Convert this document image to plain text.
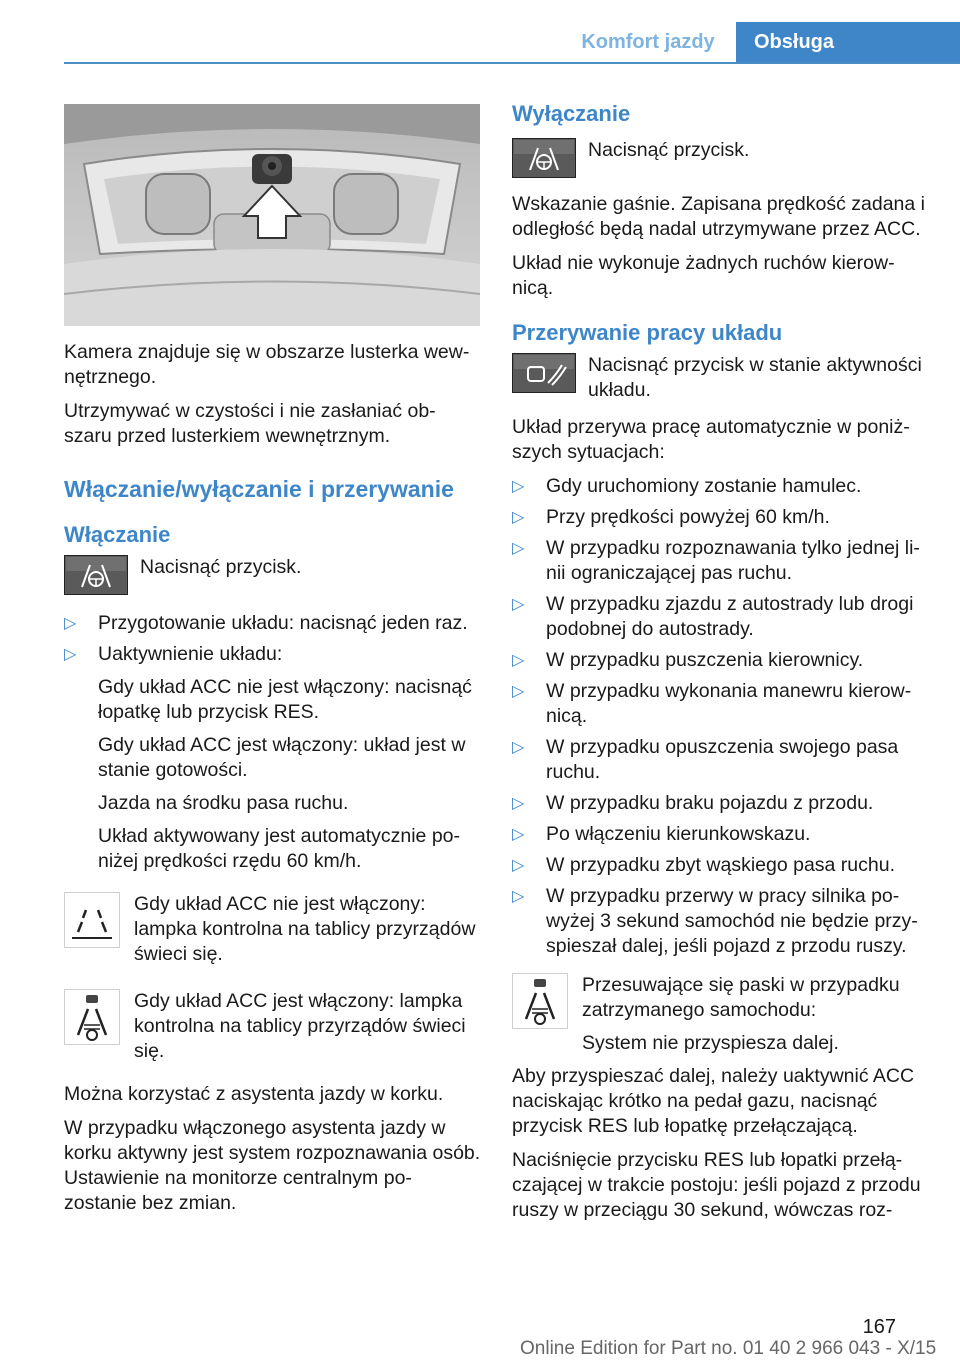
Komfort jazdy	Obsługa

Kamera znajduje się w obszarze lusterka wew-nętrznego.

Utrzymywać w czystości i nie zasłaniać ob-szaru przed lusterkiem wewnętrznym.

Włączanie/wyłączanie i przerywanie
Włączanie
Nacisnąć przycisk.
▷ Przygotowanie układu: nacisnąć jeden raz.
▷ Uaktywnienie układu:
Gdy układ ACC nie jest włączony: nacisnąć łopatkę lub przycisk RES.
Gdy układ ACC jest włączony: układ jest w stanie gotowości.
Jazda na środku pasa ruchu.
Układ aktywowany jest automatycznie po-niżej prędkości rzędu 60 km/h.
Gdy układ ACC nie jest włączony: lampka kontrolna na tablicy przyrządów świeci się.
Gdy układ ACC jest włączony: lampka kontrolna na tablicy przyrządów świeci się.

Można korzystać z asystenta jazdy w korku.

W przypadku włączonego asystenta jazdy w korku aktywny jest system rozpoznawania osób. Ustawienie na monitorze centralnym po-zostanie bez zmian.

Wyłączanie
Nacisnąć przycisk.

Wskazanie gaśnie. Zapisana prędkość zadana i odległość będą nadal utrzymywane przez ACC.

Układ nie wykonuje żadnych ruchów kierow-nicą.

Przerywanie pracy układu
Nacisnąć przycisk w stanie aktywności układu.

Układ przerywa pracę automatycznie w poniż-szych sytuacjach:

▷ Gdy uruchomiony zostanie hamulec.
▷ Przy prędkości powyżej 60 km/h.
▷ W przypadku rozpoznawania tylko jednej li-nii ograniczającej pas ruchu.
▷ W przypadku zjazdu z autostrady lub drogi podobnej do autostrady.
▷ W przypadku puszczenia kierownicy.
▷ W przypadku wykonania manewru kierow-nicą.
▷ W przypadku opuszczenia swojego pasa ruchu.
▷ W przypadku braku pojazdu z przodu.
▷ Po włączeniu kierunkowskazu.
▷ W przypadku zbyt wąskiego pasa ruchu.
▷ W przypadku przerwy w pracy silnika po-wyżej 3 sekund samochód nie będzie przy-spieszał dalej, jeśli pojazd z przodu ruszy.
Przesuwające się paski w przypadku zatrzymanego samochodu:
System nie przyspiesza dalej.

Aby przyspieszać dalej, należy uaktywnić ACC naciskając krótko na pedał gazu, nacisnąć przycisk RES lub łopatkę przełączającą.

Naciśnięcie przycisku RES lub łopatki przełą-czającej w trakcie postoju: jeśli pojazd z przodu ruszy w przeciągu 30 sekund, wówczas roz-

167
Online Edition for Part no. 01 40 2 966 043 - X/15
